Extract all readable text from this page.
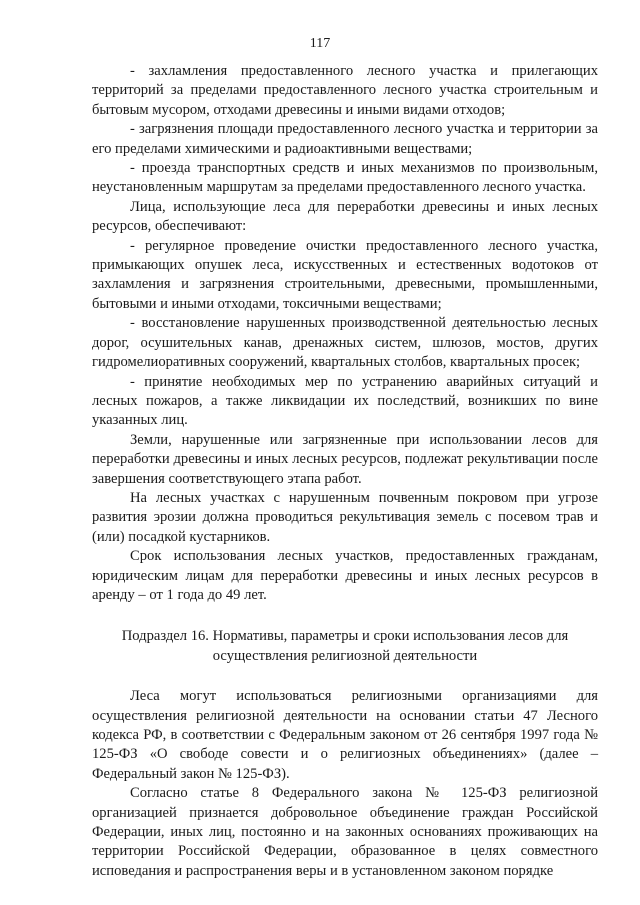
117

- захламления предоставленного лесного участка и прилегающих территорий за пределами предоставленного лесного участка строительным и бытовым мусором, отходами древесины и иными видами отходов;

- загрязнения площади предоставленного лесного участка и территории за его пределами химическими и радиоактивными веществами;

- проезда транспортных средств и иных механизмов по произвольным, неустановленным маршрутам за пределами предоставленного лесного участка.

Лица, использующие леса для переработки древесины и иных лесных ресурсов, обеспечивают:

- регулярное проведение очистки предоставленного лесного участка, примыкающих опушек леса, искусственных и естественных водотоков от захламления и загрязнения строительными, древесными, промышленными, бытовыми и иными отходами, токсичными веществами;

- восстановление нарушенных производственной деятельностью лесных дорог, осушительных канав, дренажных систем, шлюзов, мостов, других гидромелиоративных сооружений, квартальных столбов, квартальных просек;

- принятие необходимых мер по устранению аварийных ситуаций и лесных пожаров, а также ликвидации их последствий, возникших по вине указанных лиц.

Земли, нарушенные или загрязненные при использовании лесов для переработки древесины и иных лесных ресурсов, подлежат рекультивации после завершения соответствующего этапа работ.

На лесных участках с нарушенным почвенным покровом при угрозе развития эрозии должна проводиться рекультивация земель с посевом трав и (или) посадкой кустарников.

Срок использования лесных участков, предоставленных гражданам, юридическим лицам для переработки древесины и иных лесных ресурсов в аренду – от 1 года до 49 лет.

Подраздел 16. Нормативы, параметры и сроки использования лесов для осуществления религиозной деятельности

Леса могут использоваться религиозными организациями для осуществления религиозной деятельности на основании статьи 47 Лесного кодекса РФ, в соответствии с Федеральным законом от 26 сентября 1997 года № 125-ФЗ «О свободе совести и о религиозных объединениях» (далее – Федеральный закон № 125-ФЗ).

Согласно статье 8 Федерального закона № 125-ФЗ религиозной организацией признается добровольное объединение граждан Российской Федерации, иных лиц, постоянно и на законных основаниях проживающих на территории Российской Федерации, образованное в целях совместного исповедания и распространения веры и в установленном законом порядке
